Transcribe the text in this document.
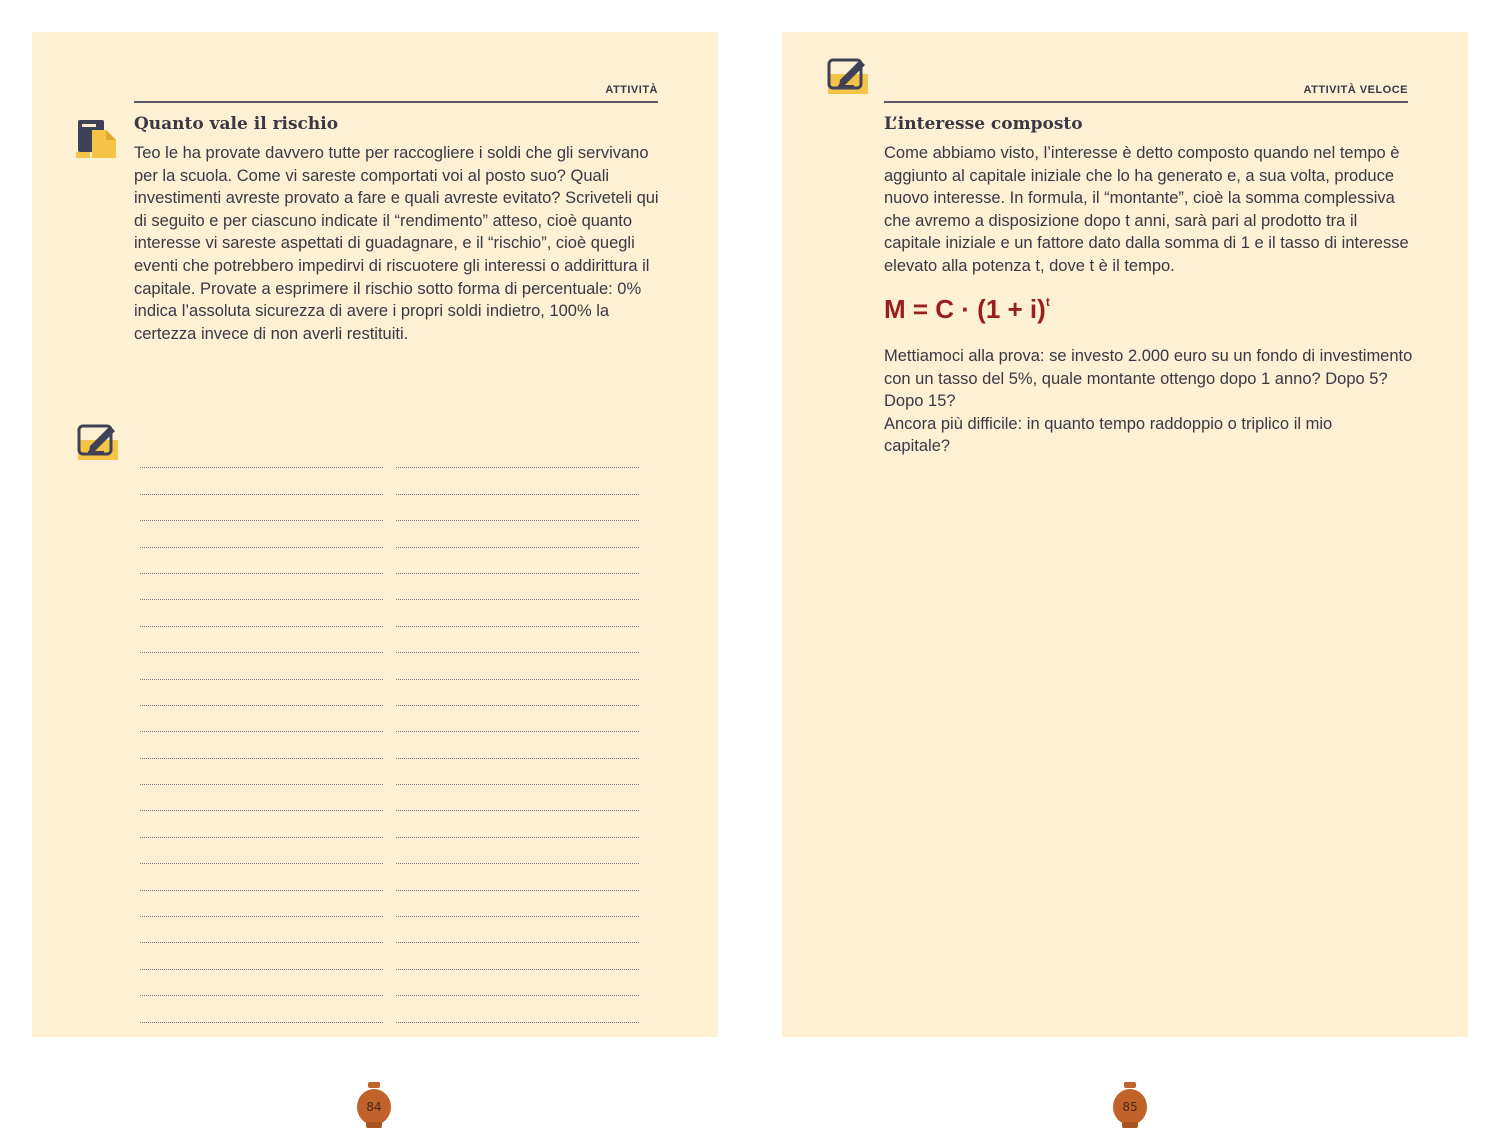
ATTIVITÀ
Quanto vale il rischio

Teo le ha provate davvero tutte per raccogliere i soldi che gli servivano per la scuola. Come vi sareste comportati voi al posto suo? Quali investimenti avreste provato a fare e quali avreste evitato? Scriveteli qui di seguito e per ciascuno indicate il “rendimento” atteso, cioè quanto interesse vi sareste aspettati di guadagnare, e il “rischio”, cioè quegli eventi che potrebbero impedirvi di riscuotere gli interessi o addirittura il capitale. Provate a esprimere il rischio sotto forma di percentuale: 0% indica l’assoluta sicurezza di avere i propri soldi indietro, 100% la certezza invece di non averli restituiti.

84
ATTIVITÀ VELOCE
L’interesse composto

Come abbiamo visto, l’interesse è detto composto quando nel tempo è aggiunto al capitale iniziale che lo ha generato e, a sua volta, produce nuovo interesse. In formula, il “montante”, cioè la somma complessiva che avremo a disposizione dopo t anni, sarà pari al prodotto tra il capitale iniziale e un fattore dato dalla somma di 1 e il tasso di interesse elevato alla potenza t, dove t è il tempo.

$M = C \cdot (1 + i)^t$
Mettiamoci alla prova: se investo 2.000 euro su un fondo di investimento con un tasso del 5%, quale montante ottengo dopo 1 anno? Dopo 5? Dopo 15?
Ancora più difficile: in quanto tempo raddoppio o triplico il mio capitale?
85
